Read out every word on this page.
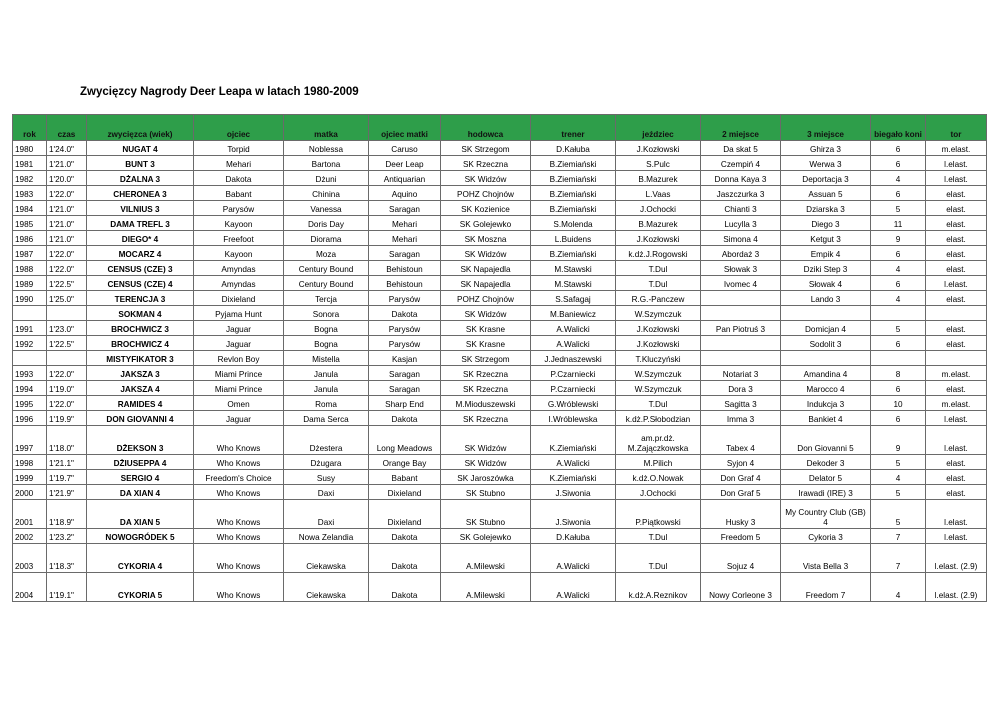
Zwycięzcy Nagrody Deer Leapa w latach 1980-2009
rok	czas	zwycięzca (wiek)	ojciec	matka	ojciec matki	hodowca	trener	jeździec	2 miejsce	3 miejsce	biegało koni	tor
1980	1'24.0"	NUGAT 4	Torpid	Noblessa	Caruso	SK Strzegom	D.Kałuba	J.Kozłowski	Da skat 5	Ghirza 3	6	m.elast.
1981	1'21.0"	BUNT 3	Mehari	Bartona	Deer Leap	SK Rzeczna	B.Ziemiański	S.Pulc	Czempiń 4	Werwa 3	6	l.elast.
1982	1'20.0"	DŻALNA 3	Dakota	Dżuni	Antiquarian	SK Widzów	B.Ziemiański	B.Mazurek	Donna Kaya 3	Deportacja 3	4	l.elast.
1983	1'22.0"	CHERONEA 3	Babant	Chinina	Aquino	POHZ Chojnów	B.Ziemiański	L.Vaas	Jaszczurka 3	Assuan 5	6	elast.
1984	1'21.0"	VILNIUS 3	Parysów	Vanessa	Saragan	SK Kozienice	B.Ziemiański	J.Ochocki	Chianti 3	Dziarska 3	5	elast.
1985	1'21.0"	DAMA TREFL 3	Kayoon	Doris Day	Mehari	SK Golejewko	S.Molenda	B.Mazurek	Lucylla 3	Diego 3	11	elast.
1986	1'21.0"	DIEGO* 4	Freefoot	Diorama	Mehari	SK Moszna	L.Buidens	J.Kozłowski	Simona 4	Ketgut 3	9	elast.
1987	1'22.0"	MOCARZ 4	Kayoon	Moza	Saragan	SK Widzów	B.Ziemiański	k.dż.J.Rogowski	Abordaż 3	Empik 4	6	elast.
1988	1'22.0"	CENSUS (CZE) 3	Amyndas	Century Bound	Behistoun	SK Napajedla	M.Stawski	T.Dul	Słowak 3	Dziki Step 3	4	elast.
1989	1'22.5"	CENSUS (CZE) 4	Amyndas	Century Bound	Behistoun	SK Napajedla	M.Stawski	T.Dul	Ivomec 4	Słowak 4	6	l.elast.
1990	1'25.0"	TERENCJA 3	Dixieland	Tercja	Parysów	POHZ Chojnów	S.Safagaj	R.G.-Panczew		Lando 3	4	elast.
		SOKMAN 4	Pyjama Hunt	Sonora	Dakota	SK Widzów	M.Baniewicz	W.Szymczuk				
1991	1'23.0"	BROCHWICZ 3	Jaguar	Bogna	Parysów	SK Krasne	A.Walicki	J.Kozłowski	Pan Piotruś 3	Domicjan 4	5	elast.
1992	1'22.5"	BROCHWICZ 4	Jaguar	Bogna	Parysów	SK Krasne	A.Walicki	J.Kozłowski		Sodolit 3	6	elast.
		MISTYFIKATOR 3	Revlon Boy	Mistella	Kasjan	SK Strzegom	J.Jednaszewski	T.Kluczyński				
1993	1'22.0"	JAKSZA 3	Miami Prince	Janula	Saragan	SK Rzeczna	P.Czarniecki	W.Szymczuk	Notariat 3	Amandina 4	8	m.elast.
1994	1'19.0"	JAKSZA 4	Miami Prince	Janula	Saragan	SK Rzeczna	P.Czarniecki	W.Szymczuk	Dora 3	Marocco 4	6	elast.
1995	1'22.0"	RAMIDES 4	Omen	Roma	Sharp End	M.Mioduszewski	G.Wróblewski	T.Dul	Sagitta 3	Indukcja 3	10	m.elast.
1996	1'19.9"	DON GIOVANNI 4	Jaguar	Dama Serca	Dakota	SK Rzeczna	I.Wróblewska	k.dż.P.Słobodzian	Imma 3	Bankiet 4	6	l.elast.
1997	1'18.0"	DŻEKSON 3	Who Knows	Dżestera	Long Meadows	SK Widzów	K.Ziemiański	am.pr.dż. M.Zajączkowska	Tabex 4	Don Giovanni 5	9	l.elast.
1998	1'21.1"	DŻIUSEPPA 4	Who Knows	Dżugara	Orange Bay	SK Widzów	A.Walicki	M.Pilich	Syjon 4	Dekoder 3	5	elast.
1999	1'19.7"	SERGIO 4	Freedom's Choice	Susy	Babant	SK Jaroszówka	K.Ziemiański	k.dż.O.Nowak	Don Graf 4	Delator 5	4	elast.
2000	1'21.9"	DA XIAN 4	Who Knows	Daxi	Dixieland	SK Stubno	J.Siwonia	J.Ochocki	Don Graf 5	Irawadi (IRE) 3	5	elast.
2001	1'18.9"	DA XIAN 5	Who Knows	Daxi	Dixieland	SK Stubno	J.Siwonia	P.Piątkowski	Husky 3	My Country Club (GB) 4	5	l.elast.
2002	1'23.2"	NOWOGRÓDEK 5	Who Knows	Nowa Zelandia	Dakota	SK Golejewko	D.Kałuba	T.Dul	Freedom 5	Cykoria 3	7	l.elast.
2003	1'18.3"	CYKORIA 4	Who Knows	Ciekawska	Dakota	A.Milewski	A.Walicki	T.Dul	Sojuz 4	Vista Bella 3	7	l.elast. (2.9)
2004	1'19.1"	CYKORIA 5	Who Knows	Ciekawska	Dakota	A.Milewski	A.Walicki	k.dż.A.Reznikov	Nowy Corleone 3	Freedom 7	4	l.elast. (2.9)
